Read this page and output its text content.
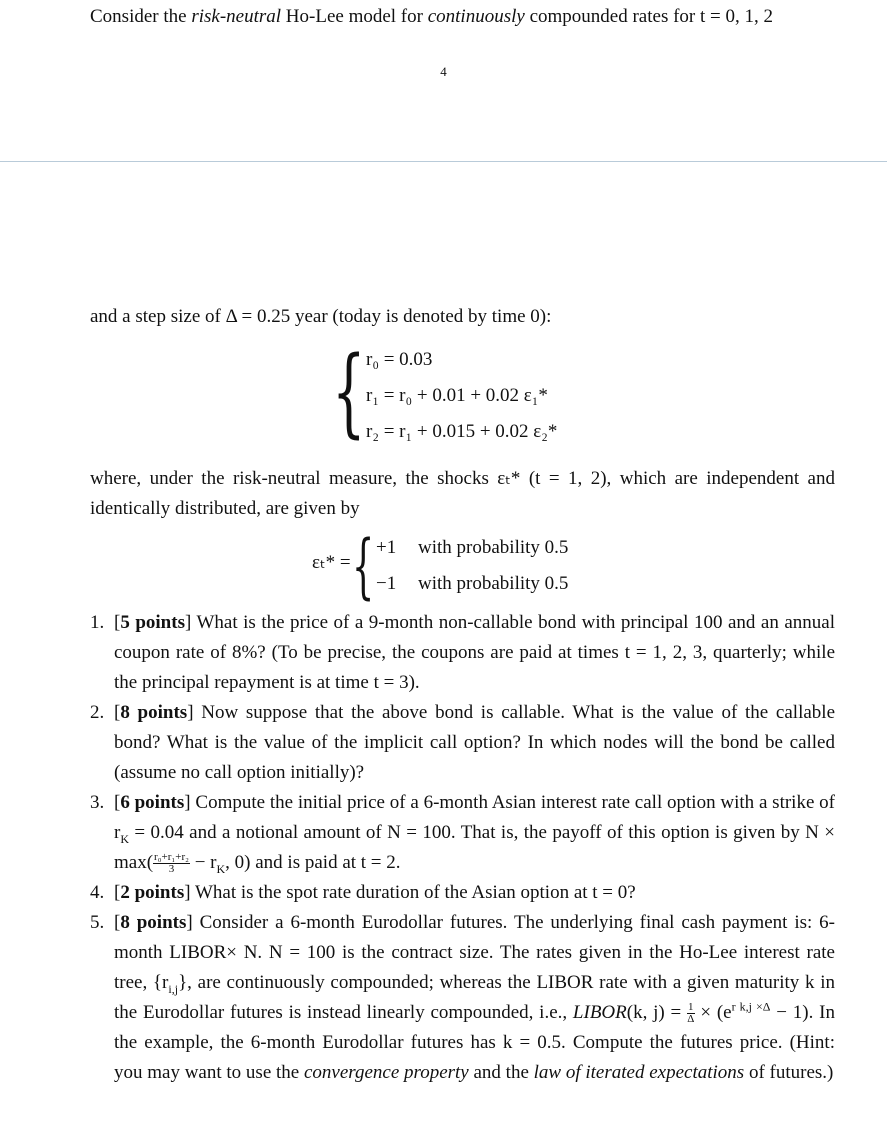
Consider the risk-neutral Ho-Lee model for continuously compounded rates for t = 0, 1, 2
4

and a step size of Δ = 0.25 year (today is denoted by time 0):

{ r₀ = 0.03
r₁ = r₀ + 0.01 + 0.02 ε₁*
r₂ = r₁ + 0.015 + 0.02 ε₂*

where, under the risk-neutral measure, the shocks εₜ* (t = 1, 2), which are independent and identically distributed, are given by

εₜ* = { +1 with probability 0.5
−1 with probability 0.5
1. [5 points] What is the price of a 9-month non-callable bond with principal 100 and an annual coupon rate of 8%? (To be precise, the coupons are paid at times t = 1, 2, 3, quarterly; while the principal repayment is at time t = 3).
2. [8 points] Now suppose that the above bond is callable. What is the value of the callable bond? What is the value of the implicit call option? In which nodes will the bond be called (assume no call option initially)?
3. [6 points] Compute the initial price of a 6-month Asian interest rate call option with a strike of $r_K = 0.04$ and a notional amount of N = 100. That is, the payoff of this option is given by $N \times \max( \frac{\text{r₀+r₁+r₂}}{3} - r_K$, 0) and is paid at t = 2.
4. [2 points] What is the spot rate duration of the Asian option at t = 0?
5. [8 points] Consider a 6-month Eurodollar futures. The underlying final cash payment is: 6-month LIBOR× N. N = 100 is the contract size. The rates given in the Ho-Lee interest rate tree, $\{r_{i,j}\}$, are continuously compounded; whereas the LIBOR rate with a given maturity k in the Eurodollar futures is instead linearly compounded, i.e., LIBOR(k, $j) = \frac{1}{\Delta} \times (e^{r k,j \times\Delta} - 1)$. In the example, the 6-month Eurodollar futures has k = 0.5. Compute the futures price. (Hint: you may want to use the convergence property and the law of iterated expectations of futures.)
